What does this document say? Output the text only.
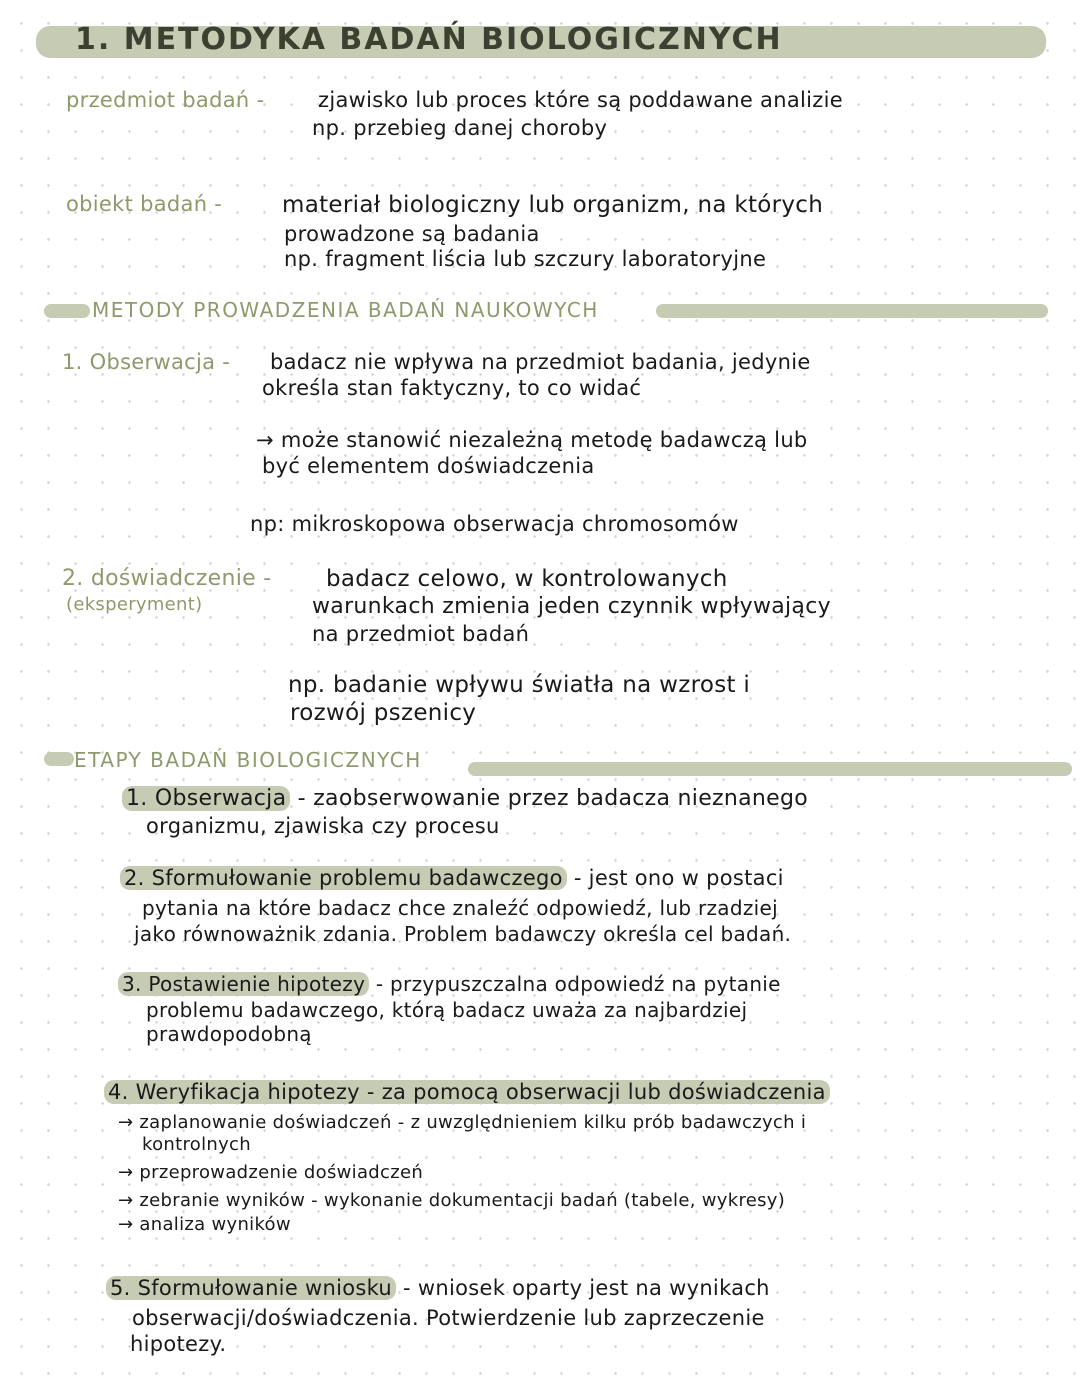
1. METODYKA BADAŃ BIOLOGICZNYCH
przedmiot badań -	zjawisko lub proces które są poddawane analizie
np. przebieg danej choroby
obiekt badań -	materiał biologiczny lub organizm, na których
prowadzone są badania
np. fragment liścia lub szczury laboratoryjne
METODY PROWADZENIA BADAŃ NAUKOWYCH
1. Obserwacja - badacz nie wpływa na przedmiot badania, jedynie
określa stan faktyczny, to co widać
→ może stanowić niezależną metodę badawczą lub
być elementem doświadczenia
np: mikroskopowa obserwacja chromosomów
2. doświadczenie -
(eksperyment)
badacz celowo, w kontrolowanych
warunkach zmienia jeden czynnik wpływający
na przedmiot badań
np. badanie wpływu światła na wzrost i
rozwój pszenicy
ETAPY BADAŃ BIOLOGICZNYCH
1. Obserwacja - zaobserwowanie przez badacza nieznanego
organizmu, zjawiska czy procesu
2. Sformułowanie problemu badawczego - jest ono w postaci
pytania na które badacz chce znaleźć odpowiedź, lub rzadziej
jako równoważnik zdania. Problem badawczy określa cel badań.
3. Postawienie hipotezy - przypuszczalna odpowiedź na pytanie
problemu badawczego, którą badacz uważa za najbardziej
prawdopodobną
4. Weryfikacja hipotezy - za pomocą obserwacji lub doświadczenia
→ zaplanowanie doświadczeń - z uwzględnieniem kilku prób badawczych i
kontrolnych
→ przeprowadzenie doświadczeń
→ zebranie wyników - wykonanie dokumentacji badań (tabele, wykresy)
→ analiza wyników
5. Sformułowanie wniosku - wniosek oparty jest na wynikach
obserwacji/doświadczenia. Potwierdzenie lub zaprzeczenie
hipotezy.
